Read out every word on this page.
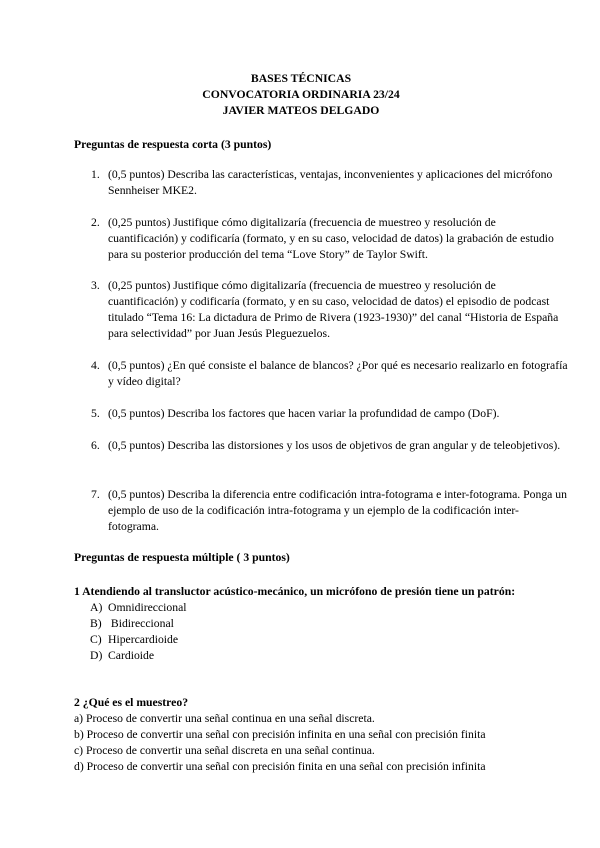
BASES TÉCNICAS
CONVOCATORIA ORDINARIA 23/24
JAVIER MATEOS DELGADO
Preguntas de respuesta corta (3 puntos)
1. (0,5 puntos) Describa las características, ventajas, inconvenientes y aplicaciones del micrófono Sennheiser MKE2.
2. (0,25 puntos) Justifique cómo digitalizaría (frecuencia de muestreo y resolución de cuantificación) y codificaría (formato, y en su caso, velocidad de datos) la grabación de estudio para su posterior producción del tema “Love Story” de Taylor Swift.
3. (0,25 puntos) Justifique cómo digitalizaría (frecuencia de muestreo y resolución de cuantificación) y codificaría (formato, y en su caso, velocidad de datos) el episodio de podcast titulado “Tema 16: La dictadura de Primo de Rivera (1923-1930)” del canal “Historia de España para selectividad” por Juan Jesús Pleguezuelos.
4. (0,5 puntos) ¿En qué consiste el balance de blancos? ¿Por qué es necesario realizarlo en fotografía y vídeo digital?
5. (0,5 puntos) Describa los factores que hacen variar la profundidad de campo (DoF).
6. (0,5 puntos) Describa las distorsiones y los usos de objetivos de gran angular y de teleobjetivos).
7. (0,5 puntos) Describa la diferencia entre codificación intra-fotograma e inter-fotograma. Ponga un ejemplo de uso de la codificación intra-fotograma y un ejemplo de la codificación inter-fotograma.
Preguntas de respuesta múltiple ( 3 puntos)
1 Atendiendo al transluctor acústico-mecánico, un micrófono de presión tiene un patrón:
A) Omnidireccional
B) Bidireccional
C) Hipercardioide
D) Cardioide
2 ¿Qué es el muestreo?
a) Proceso de convertir una señal continua en una señal discreta.
b) Proceso de convertir una señal con precisión infinita en una señal con precisión finita
c) Proceso de convertir una señal discreta en una señal continua.
d) Proceso de convertir una señal con precisión finita en una señal con precisión infinita
